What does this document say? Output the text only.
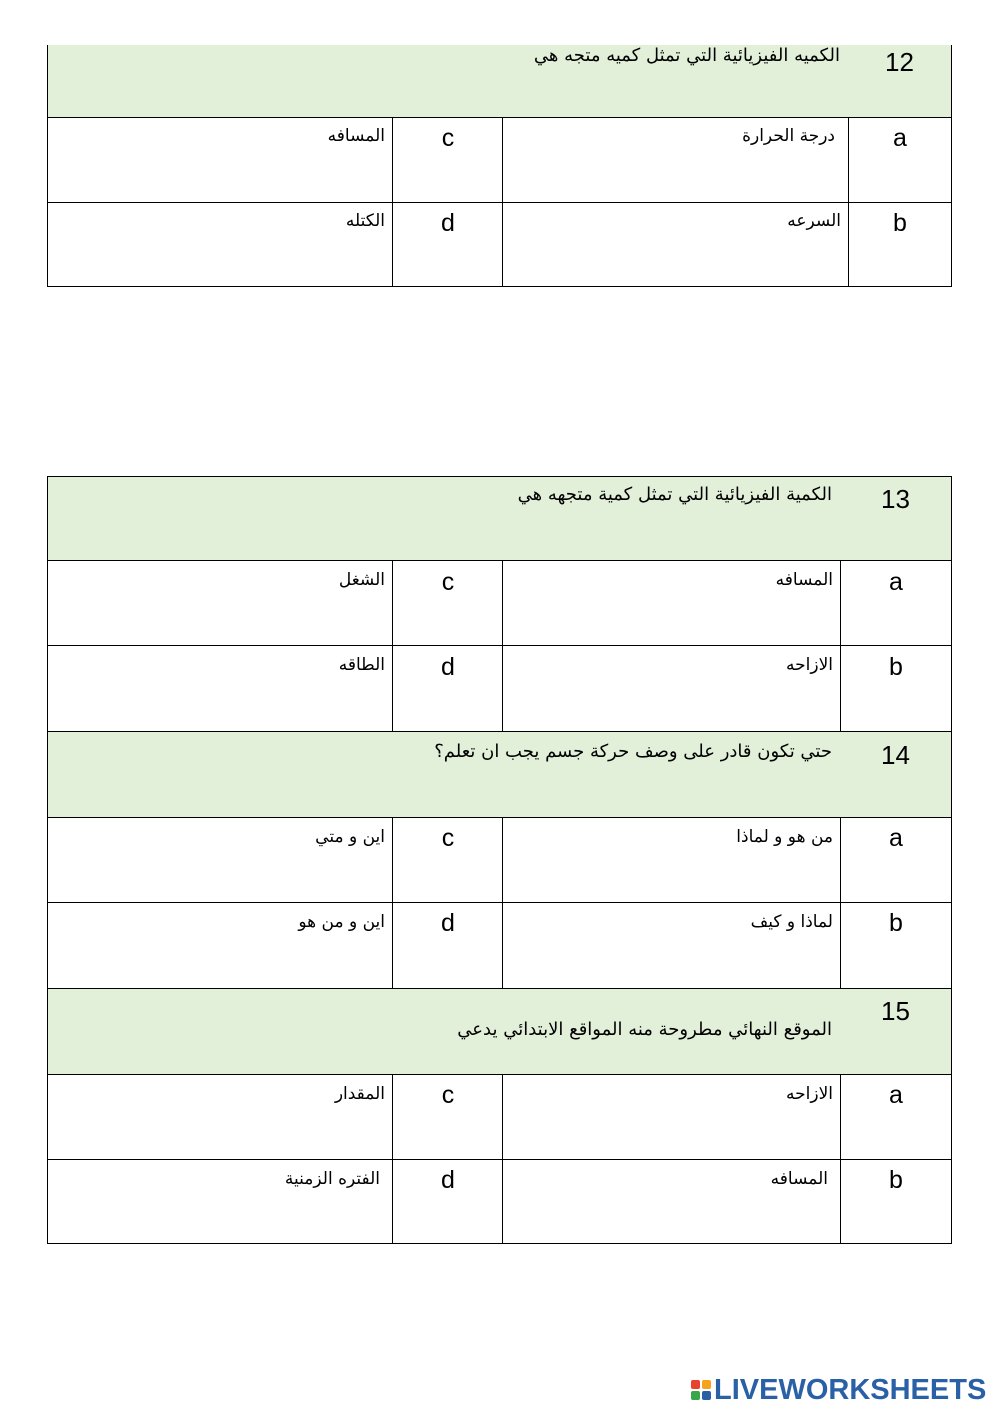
12
الكميه الفيزيائية التي تمثل كميه متجه هي
a
درجة الحرارة
c
المسافه
b
السرعه
d
الكتله
13
الكمية الفيزيائية التي تمثل كمية متجهه هي
a
المسافه
c
الشغل
b
الازاحه
d
الطاقه
14
حتي تكون قادر على وصف حركة جسم يجب ان تعلم؟
a
من هو و لماذا
c
اين و متي
b
لماذا و كيف
d
اين و من هو
15
الموقع النهائي مطروحة منه المواقع الابتدائي يدعي
a
الازاحه
c
المقدار
b
المسافه
d
الفتره الزمنية
LIVEWORKSHEETS
